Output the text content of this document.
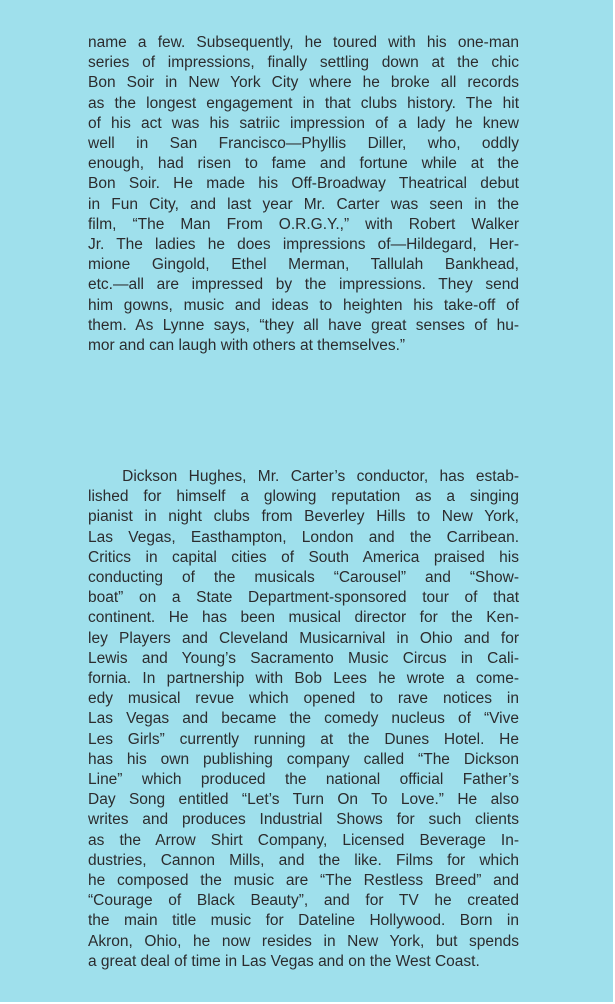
name a few. Subsequently, he toured with his one-man
series of impressions, finally settling down at the chic
Bon Soir in New York City where he broke all records
as the longest engagement in that clubs history. The hit
of his act was his satriic impression of a lady he knew
well in San Francisco—Phyllis Diller, who, oddly
enough, had risen to fame and fortune while at the
Bon Soir. He made his Off-Broadway Theatrical debut
in Fun City, and last year Mr. Carter was seen in the
film, “The Man From O.R.G.Y.,” with Robert Walker
Jr. The ladies he does impressions of—Hildegard, Her-
mione Gingold, Ethel Merman, Tallulah Bankhead,
etc.—all are impressed by the impressions. They send
him gowns, music and ideas to heighten his take-off of
them. As Lynne says, “they all have great senses of hu-
mor and can laugh with others at themselves.”
Dickson Hughes, Mr. Carter’s conductor, has estab-
lished for himself a glowing reputation as a singing
pianist in night clubs from Beverley Hills to New York,
Las Vegas, Easthampton, London and the Carribean.
Critics in capital cities of South America praised his
conducting of the musicals “Carousel” and “Show-
boat” on a State Department-sponsored tour of that
continent. He has been musical director for the Ken-
ley Players and Cleveland Musicarnival in Ohio and for
Lewis and Young’s Sacramento Music Circus in Cali-
fornia. In partnership with Bob Lees he wrote a come-
edy musical revue which opened to rave notices in
Las Vegas and became the comedy nucleus of “Vive
Les Girls” currently running at the Dunes Hotel. He
has his own publishing company called “The Dickson
Line” which produced the national official Father’s
Day Song entitled “Let’s Turn On To Love.” He also
writes and produces Industrial Shows for such clients
as the Arrow Shirt Company, Licensed Beverage In-
dustries, Cannon Mills, and the like. Films for which
he composed the music are “The Restless Breed” and
“Courage of Black Beauty”, and for TV he created
the main title music for Dateline Hollywood. Born in
Akron, Ohio, he now resides in New York, but spends
a great deal of time in Las Vegas and on the West Coast.
